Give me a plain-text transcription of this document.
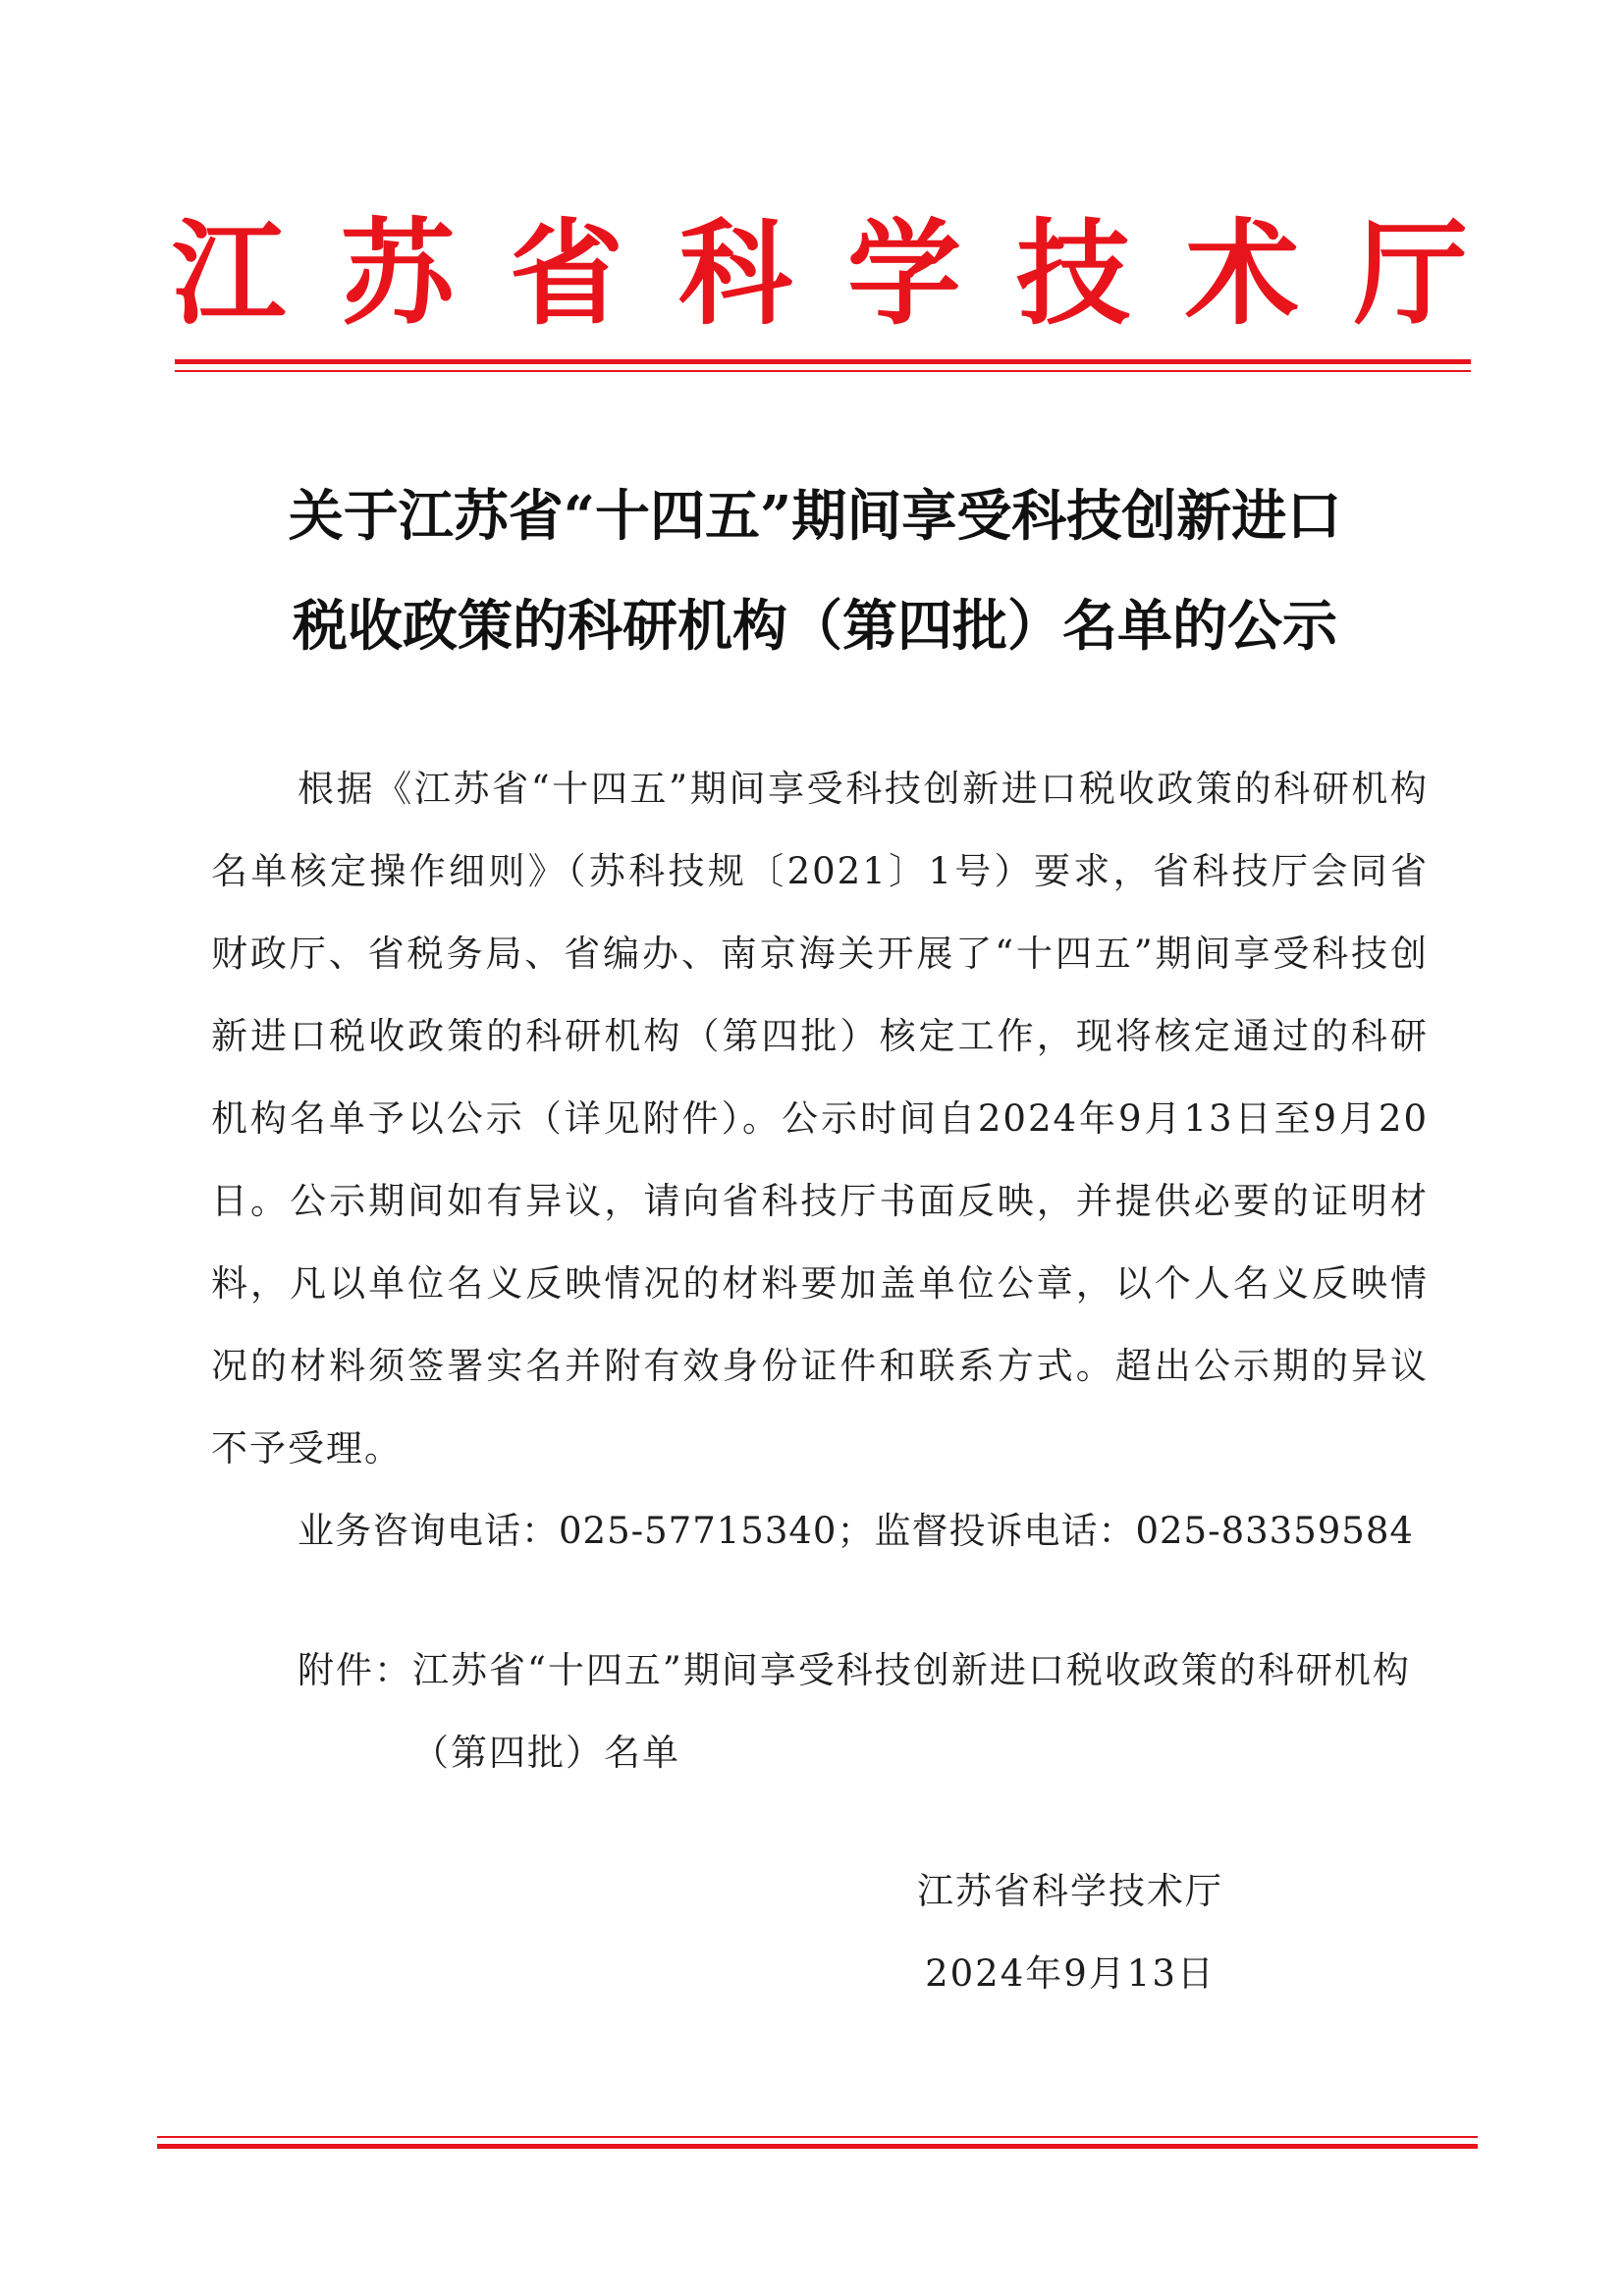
江 苏 省 科 学 技 术 厅
关于江苏省“十四五”期间享受科技创新进口
税收政策的科研机构（第四批）名单的公示

根据《江苏省“十四五”期间享受科技创新进口税收政策的科研机构名单核定操作细则》（苏科技规〔2021〕1号）要求，省科技厅会同省财政厅、省税务局、省编办、南京海关开展了“十四五”期间享受科技创新进口税收政策的科研机构（第四批）核定工作，现将核定通过的科研机构名单予以公示（详见附件）。公示时间自2024年9月13日至9月20日。公示期间如有异议，请向省科技厅书面反映，并提供必要的证明材料，凡以单位名义反映情况的材料要加盖单位公章，以个人名义反映情况的材料须签署实名并附有效身份证件和联系方式。超出公示期的异议不予受理。

业务咨询电话：025-57715340；监督投诉电话：025-83359584

附件： 江苏省“十四五”期间享受科技创新进口税收政策的科研机构（第四批）名单
江苏省科学技术厅
2024年9月13日
